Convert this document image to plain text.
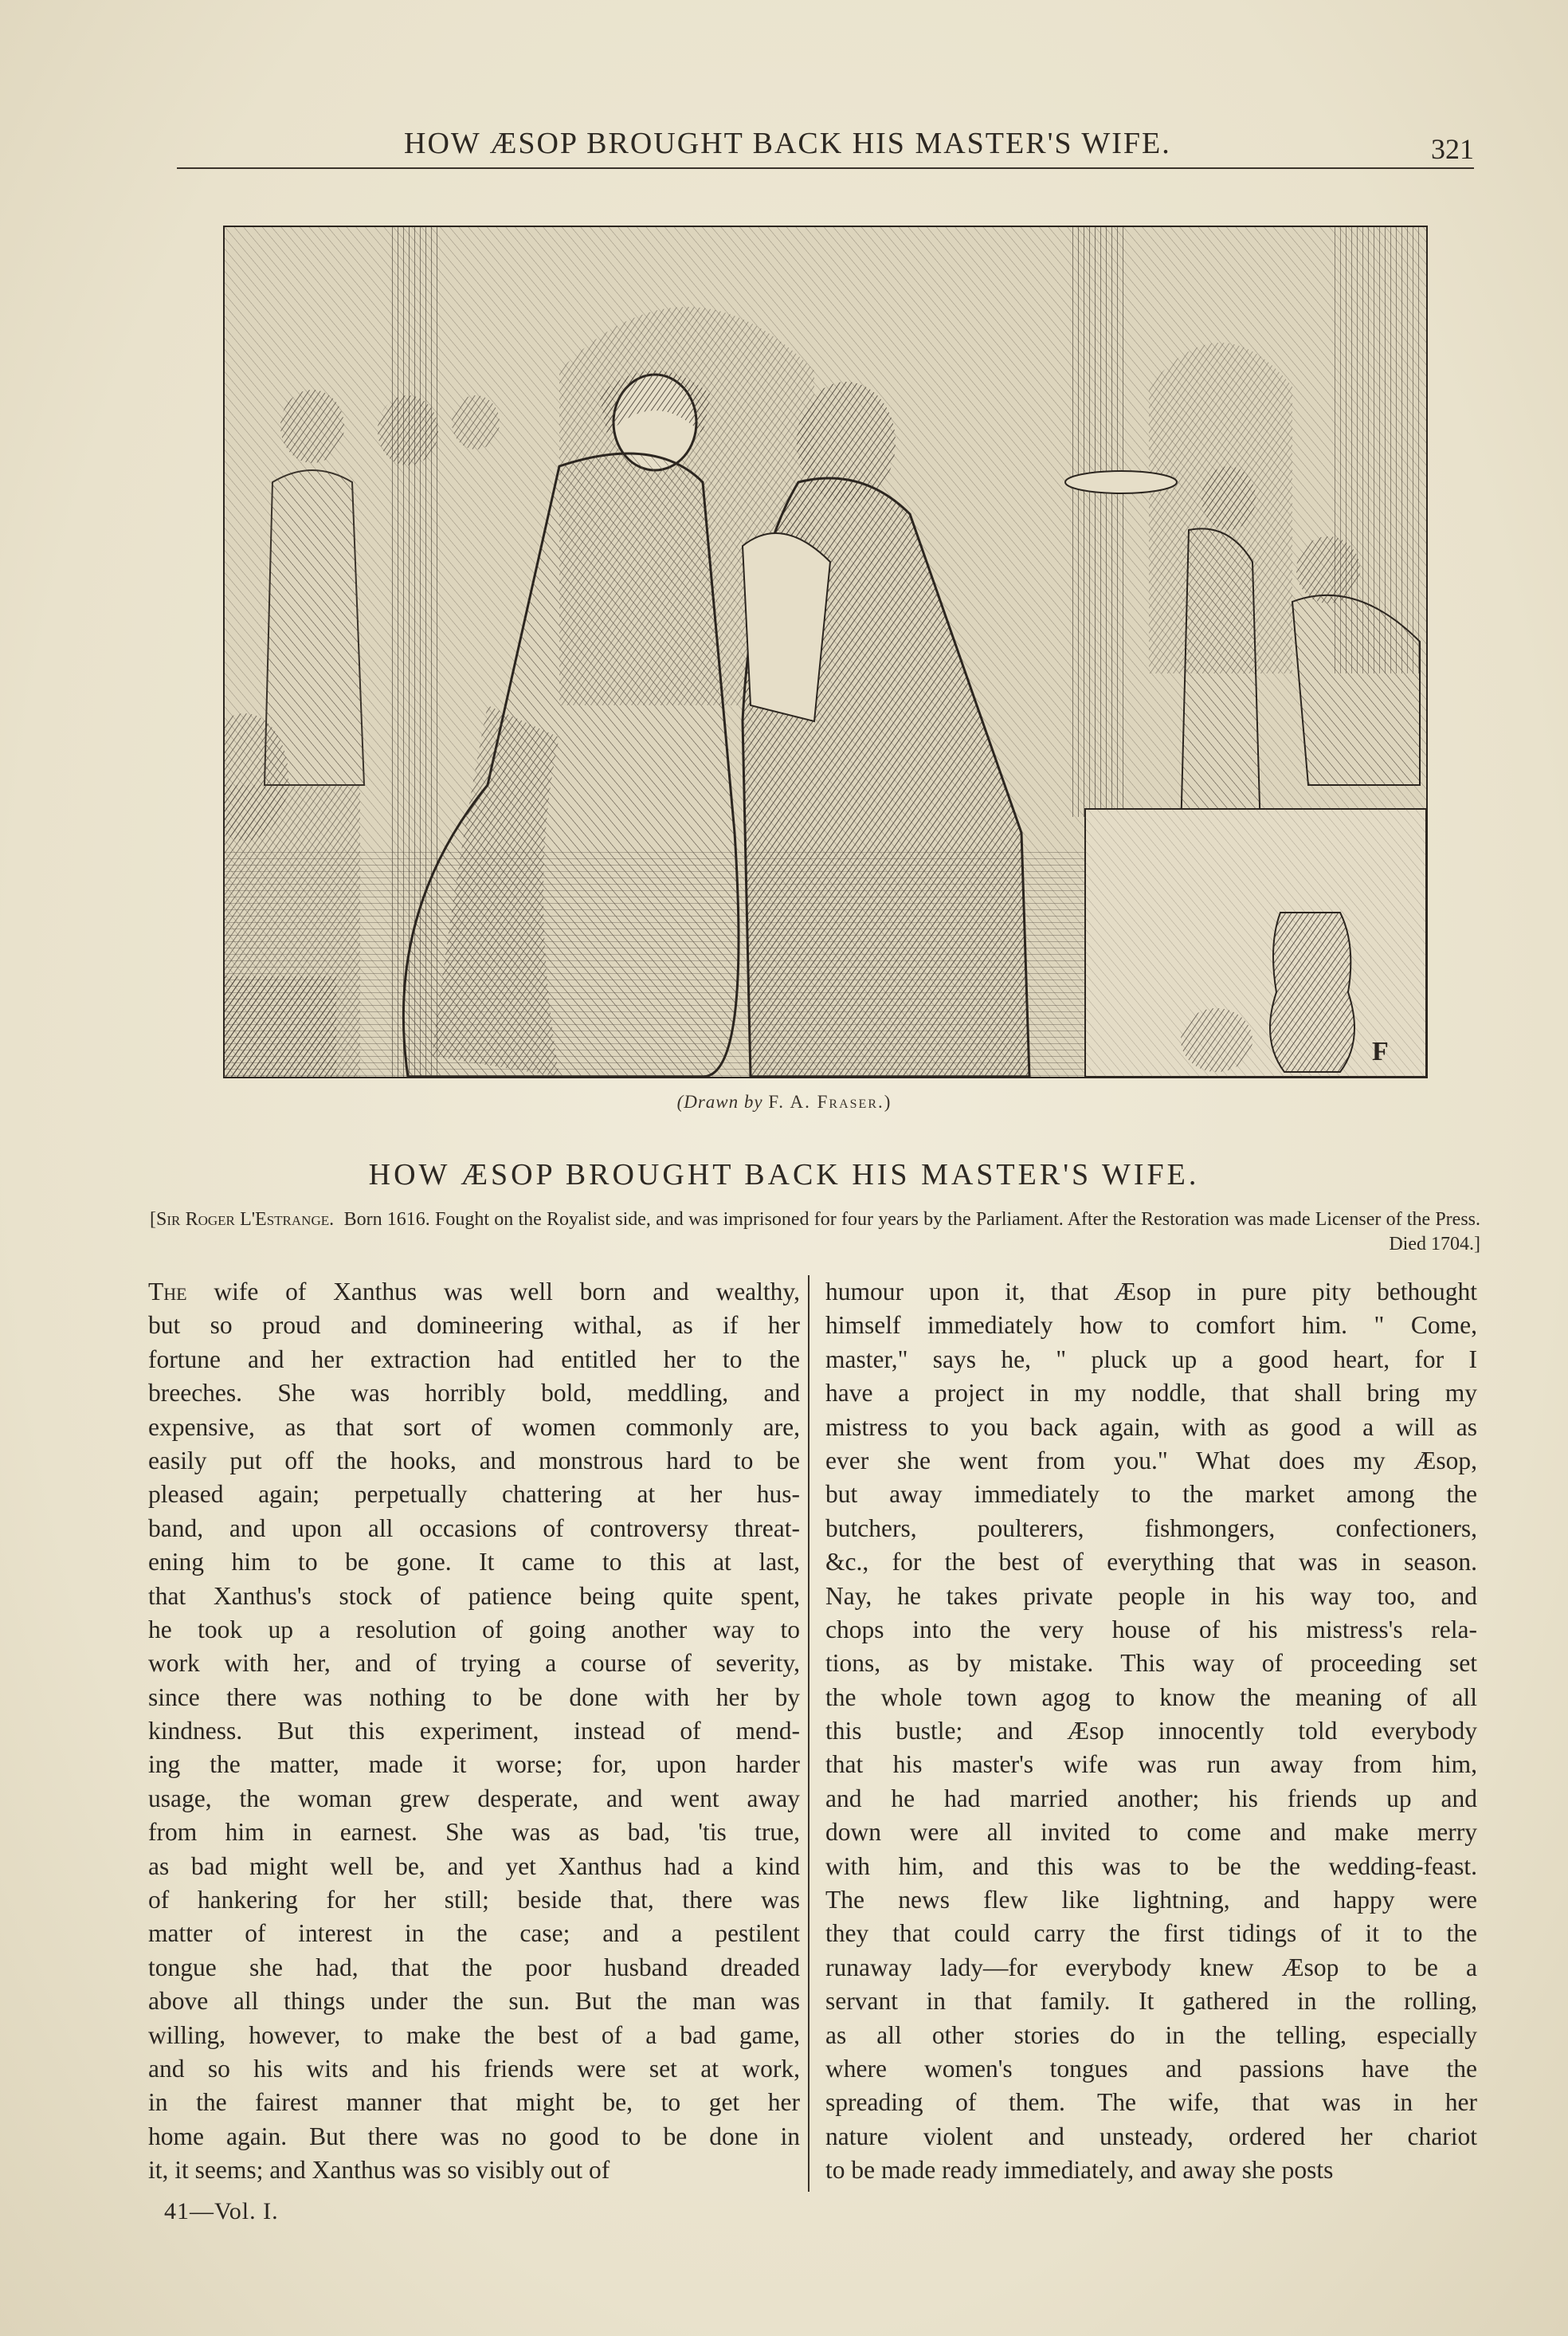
HOW ÆSOP BROUGHT BACK HIS MASTER'S WIFE.	321
F
(Drawn by F. A. Fraser.)
HOW ÆSOP BROUGHT BACK HIS MASTER'S WIFE.
[Sir Roger L'Estrange. Born 1616. Fought on the Royalist side, and was imprisoned for four years by the Parliament. After the Restoration was made Licenser of the Press. Died 1704.]
The wife of Xanthus was well born and wealthy,
but so proud and domineering withal, as if her
fortune and her extraction had entitled her to the
breeches. She was horribly bold, meddling, and
expensive, as that sort of women commonly are,
easily put off the hooks, and monstrous hard to be
pleased again; perpetually chattering at her hus-
band, and upon all occasions of controversy threat-
ening him to be gone. It came to this at last,
that Xanthus's stock of patience being quite spent,
he took up a resolution of going another way to
work with her, and of trying a course of severity,
since there was nothing to be done with her by
kindness. But this experiment, instead of mend-
ing the matter, made it worse; for, upon harder
usage, the woman grew desperate, and went away
from him in earnest. She was as bad, 'tis true,
as bad might well be, and yet Xanthus had a kind
of hankering for her still; beside that, there was
matter of interest in the case; and a pestilent
tongue she had, that the poor husband dreaded
above all things under the sun. But the man was
willing, however, to make the best of a bad game,
and so his wits and his friends were set at work,
in the fairest manner that might be, to get her
home again. But there was no good to be done in
it, it seems; and Xanthus was so visibly out of
humour upon it, that Æsop in pure pity bethought
himself immediately how to comfort him. " Come,
master," says he, " pluck up a good heart, for I
have a project in my noddle, that shall bring my
mistress to you back again, with as good a will as
ever she went from you." What does my Æsop,
but away immediately to the market among the
butchers, poulterers, fishmongers, confectioners,
&c., for the best of everything that was in season.
Nay, he takes private people in his way too, and
chops into the very house of his mistress's rela-
tions, as by mistake. This way of proceeding set
the whole town agog to know the meaning of all
this bustle; and Æsop innocently told everybody
that his master's wife was run away from him,
and he had married another; his friends up and
down were all invited to come and make merry
with him, and this was to be the wedding-feast.
The news flew like lightning, and happy were
they that could carry the first tidings of it to the
runaway lady—for everybody knew Æsop to be a
servant in that family. It gathered in the rolling,
as all other stories do in the telling, especially
where women's tongues and passions have the
spreading of them. The wife, that was in her
nature violent and unsteady, ordered her chariot
to be made ready immediately, and away she posts
41—Vol. I.
